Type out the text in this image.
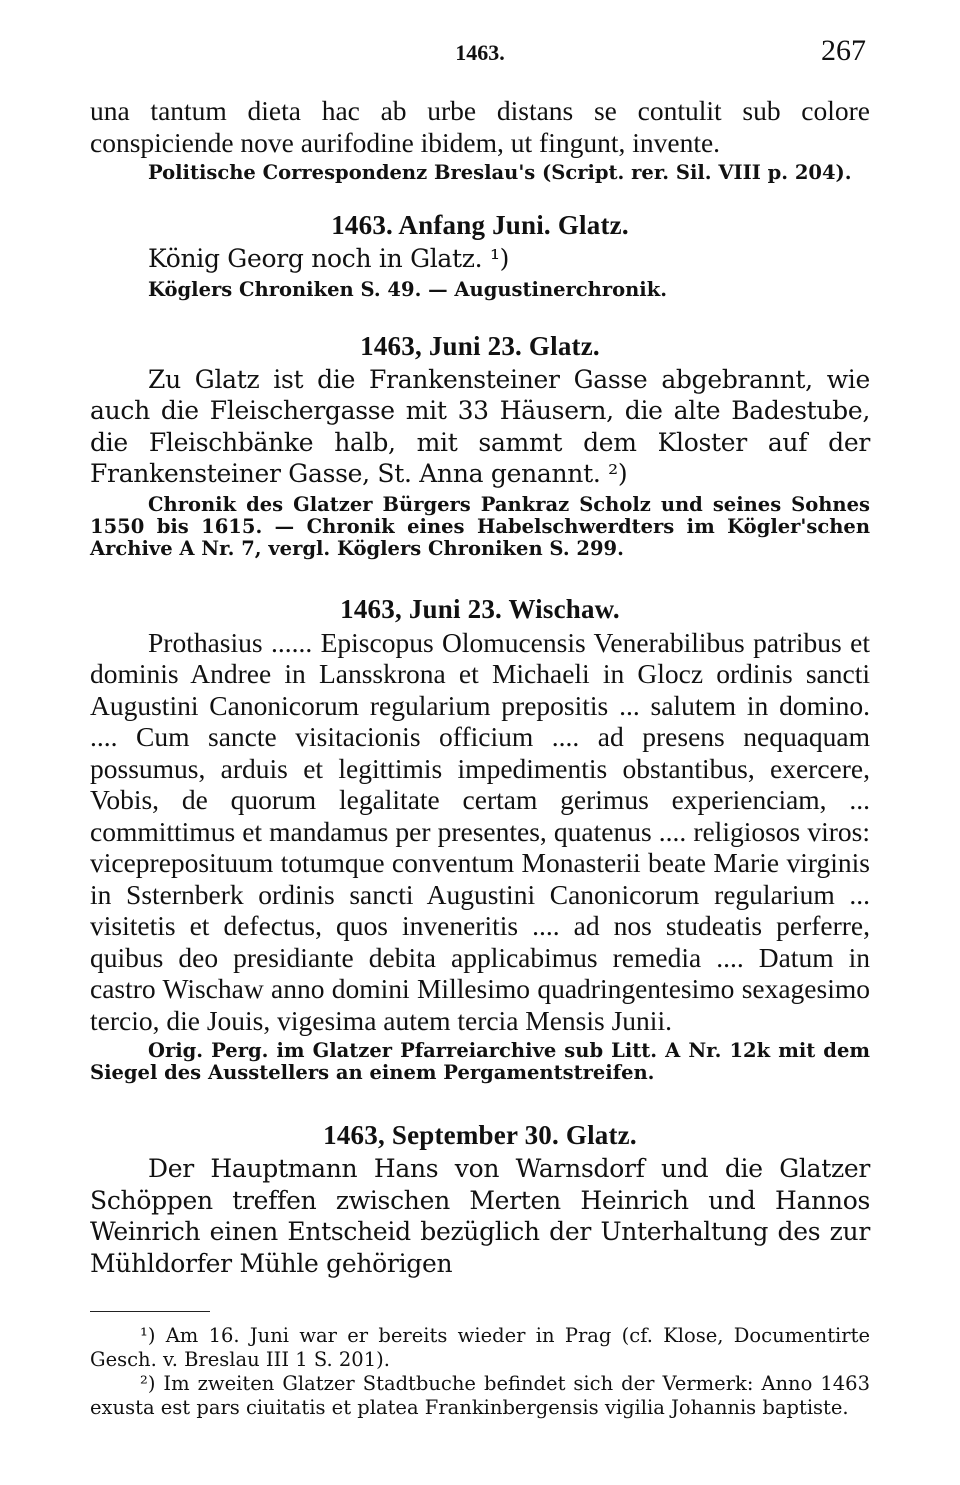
1463.	267

una tantum dieta hac ab urbe distans se contulit sub colore conspiciende nove aurifodine ibidem, ut fingunt, invente.

Politische Correspondenz Breslau's (Script. rer. Sil. VIII p. 204).

1463. Anfang Juni. Glatz.

König Georg noch in Glatz. ¹)

Köglers Chroniken S. 49. — Augustinerchronik.

1463, Juni 23. Glatz.

Zu Glatz ist die Frankensteiner Gasse abgebrannt, wie auch die Fleischergasse mit 33 Häusern, die alte Badestube, die Fleischbänke halb, mit sammt dem Kloster auf der Frankensteiner Gasse, St. Anna genannt. ²)

Chronik des Glatzer Bürgers Pankraz Scholz und seines Sohnes 1550 bis 1615. — Chronik eines Habelschwerdters im Kögler'schen Archive A Nr. 7, vergl. Köglers Chroniken S. 299.

1463, Juni 23. Wischaw.

Prothasius ...... Episcopus Olomucensis Venerabilibus patribus et dominis Andree in Lansskrona et Michaeli in Glocz ordinis sancti Augustini Canonicorum regularium prepositis ... salutem in domino. .... Cum sancte visitacionis officium .... ad presens nequaquam possumus, arduis et legittimis impedimentis obstantibus, exercere, Vobis, de quorum legalitate certam gerimus experienciam, ... committimus et mandamus per presentes, quatenus .... religiosos viros: vicepreposituum totumque conventum Monasterii beate Marie virginis in Ssternberk ordinis sancti Augustini Canonicorum regularium ... visitetis et defectus, quos inveneritis .... ad nos studeatis perferre, quibus deo presidiante debita applicabimus remedia .... Datum in castro Wischaw anno domini Millesimo quadringentesimo sexagesimo tercio, die Jouis, vigesima autem tercia Mensis Junii.

Orig. Perg. im Glatzer Pfarreiarchive sub Litt. A Nr. 12k mit dem Siegel des Ausstellers an einem Pergamentstreifen.

1463, September 30. Glatz.

Der Hauptmann Hans von Warnsdorf und die Glatzer Schöppen treffen zwischen Merten Heinrich und Hannos Weinrich einen Entscheid bezüglich der Unterhaltung des zur Mühldorfer Mühle gehörigen

¹) Am 16. Juni war er bereits wieder in Prag (cf. Klose, Documentirte Gesch. v. Breslau III 1 S. 201).

²) Im zweiten Glatzer Stadtbuche befindet sich der Vermerk: Anno 1463 exusta est pars ciuitatis et platea Frankinbergensis vigilia Johannis baptiste.
